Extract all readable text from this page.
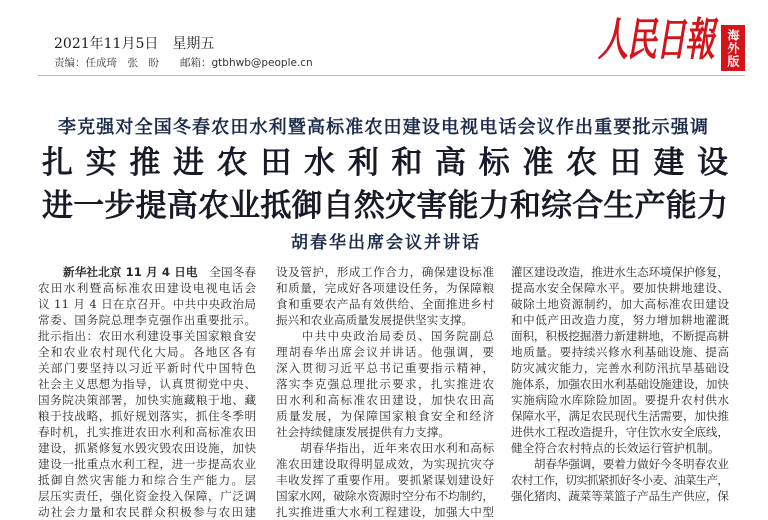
2021年11月5日　星期五
责编：任成琦　张　盼　　邮箱：gtbhwb@people.cn	人民日報	海外版
李克强对全国冬春农田水利暨高标准农田建设电视电话会议作出重要批示强调
扎实推进农田水利和高标准农田建设
进一步提高农业抵御自然灾害能力和综合生产能力
胡春华出席会议并讲话
新华社北京 11 月 4 日电　全国冬春
农田水利暨高标准农田建设电视电话会
议 11 月 4 日在京召开。中共中央政治局
常委、国务院总理李克强作出重要批示。
批示指出：农田水利建设事关国家粮食安
全和农业农村现代化大局。各地区各有
关部门要坚持以习近平新时代中国特色
社会主义思想为指导，认真贯彻党中央、
国务院决策部署，加快实施藏粮于地、藏
粮于技战略，抓好规划落实，抓住冬季明
春时机，扎实推进农田水利和高标准农田
建设，抓紧修复水毁灾毁农田设施，加快
建设一批重点水利工程，进一步提高农业
抵御自然灾害能力和综合生产能力。层
层压实责任，强化资金投入保障，广泛调
动社会力量和农民群众积极参与农田建
设及管护，形成工作合力，确保建设标准
和质量，完成好各项建设任务，为保障粮
食和重要农产品有效供给、全面推进乡村
振兴和农业高质量发展提供坚实支撑。
　　中共中央政治局委员、国务院副总
理胡春华出席会议并讲话。他强调，要
深入贯彻习近平总书记重要指示精神，
落实李克强总理批示要求，扎实推进农
田水利和高标准农田建设，加快农田高
质量发展，为保障国家粮食安全和经济
社会持续健康发展提供有力支撑。
　　胡春华指出，近年来农田水利和高标
准农田建设取得明显成效，为实现抗灾夺
丰收发挥了重要作用。要抓紧谋划建设好
国家水网，破除水资源时空分布不均制约，
扎实推进重大水利工程建设，加强大中型
灌区建设改造，推进水生态环境保护修复，
提高水安全保障水平。要加快耕地建设、
破除土地资源制约，加大高标准农田建设
和中低产田改造力度，努力增加耕地灌溉
面积，积极挖掘潜力新建耕地，不断提高耕
地质量。要持续兴修水利基础设施、提高
防灾减灾能力，完善水利防汛抗旱基础设
施体系，加强农田水利基础设施建设，加快
实施病险水库除险加固。要提升农村供水
保障水平，满足农民现代生活需要，加快推
进供水工程改造提升，守住饮水安全底线，
健全符合农村特点的长效运行管护机制。
　　胡春华强调，要着力做好今冬明春农业
农村工作，切实抓紧抓好冬小麦、油菜生产，
强化猪肉、蔬菜等菜篮子产品生产供应，保
